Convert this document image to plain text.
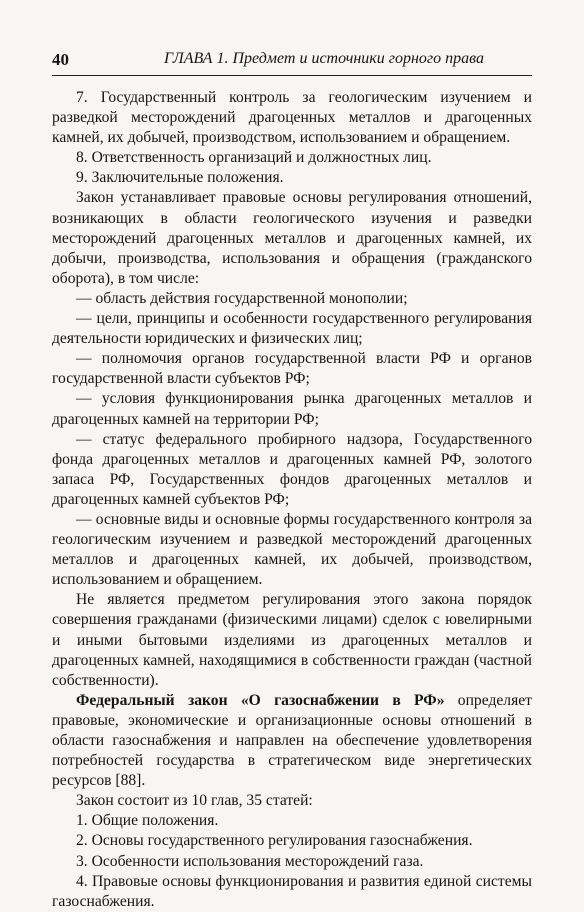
40	ГЛАВА 1. Предмет и источники горного права

7. Государственный контроль за геологическим изучением и разведкой месторождений драгоценных металлов и драгоценных камней, их добычей, производством, использованием и обращением.

8. Ответственность организаций и должностных лиц.

9. Заключительные положения.

Закон устанавливает правовые основы регулирования отношений, возникающих в области геологического изучения и разведки месторождений драгоценных металлов и драгоценных камней, их добычи, производства, использования и обращения (гражданского оборота), в том числе:

— область действия государственной монополии;

— цели, принципы и особенности государственного регулирования деятельности юридических и физических лиц;

— полномочия органов государственной власти РФ и органов государственной власти субъектов РФ;

— условия функционирования рынка драгоценных металлов и драгоценных камней на территории РФ;

— статус федерального пробирного надзора, Государственного фонда драгоценных металлов и драгоценных камней РФ, золотого запаса РФ, Государственных фондов драгоценных металлов и драгоценных камней субъектов РФ;

— основные виды и основные формы государственного контроля за геологическим изучением и разведкой месторождений драгоценных металлов и драгоценных камней, их добычей, производством, использованием и обращением.

Не является предметом регулирования этого закона порядок совершения гражданами (физическими лицами) сделок с ювелирными и иными бытовыми изделиями из драгоценных металлов и драгоценных камней, находящимися в собственности граждан (частной собственности).

Федеральный закон «О газоснабжении в РФ» определяет правовые, экономические и организационные основы отношений в области газоснабжения и направлен на обеспечение удовлетворения потребностей государства в стратегическом виде энергетических ресурсов [88].

Закон состоит из 10 глав, 35 статей:

1. Общие положения.

2. Основы государственного регулирования газоснабжения.

3. Особенности использования месторождений газа.

4. Правовые основы функционирования и развития единой системы газоснабжения.
